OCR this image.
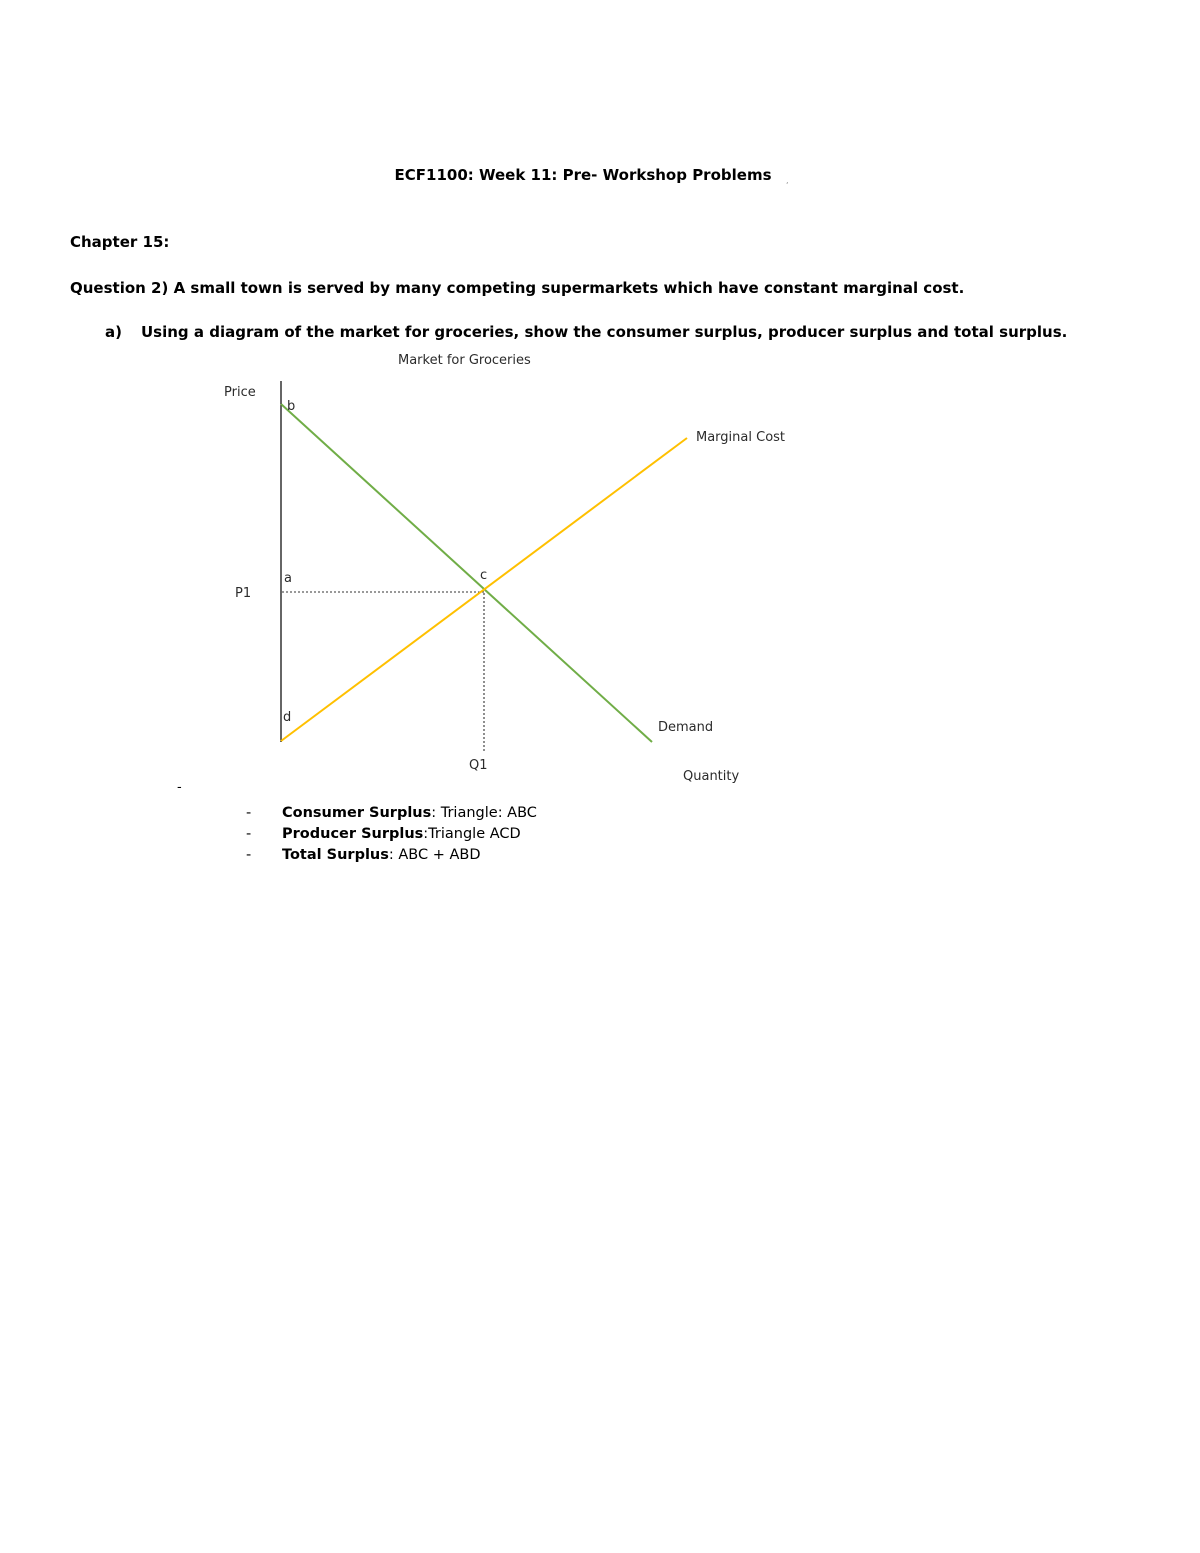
ECF1100: Week 11: Pre- Workshop Problems	,
Chapter 15:
Question 2) A small town is served by many competing supermarkets which have constant marginal cost.
a) Using a diagram of the market for groceries, show the consumer surplus, producer surplus and total surplus.
Market for Groceries
Price
b
a	c
d
P1
Q1
Marginal Cost
Demand
Quantity
-
- Consumer Surplus: Triangle: ABC
- Producer Surplus:Triangle ACD
- Total Surplus: ABC + ABD
